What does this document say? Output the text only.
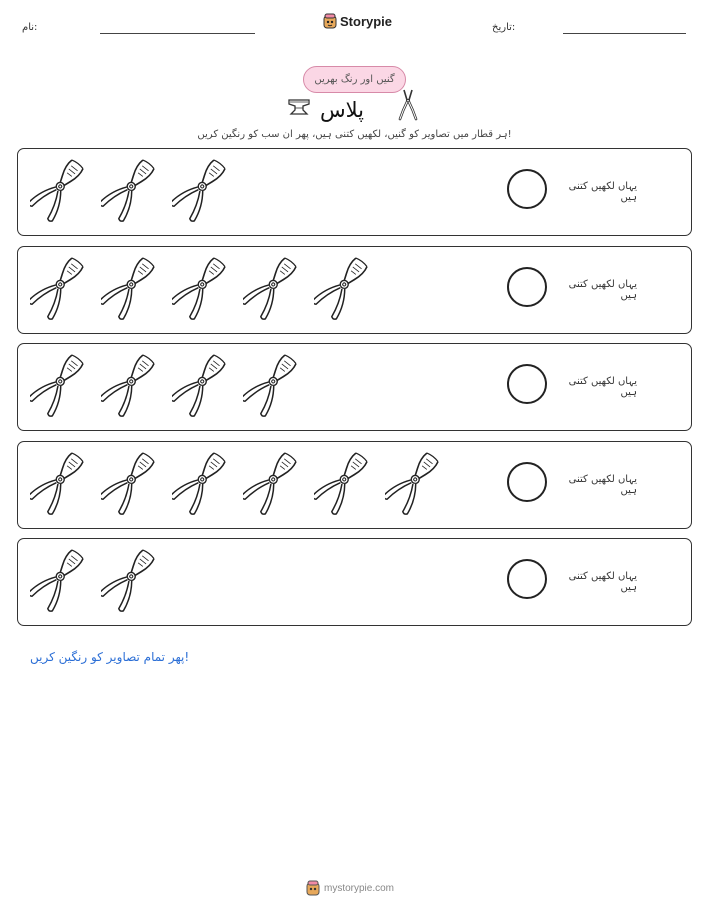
نام:	Storypie	تاریخ:
گنیں اور رنگ بھریں
پلاس
ہر قطار میں تصاویر کو گنیں، لکھیں کتنی ہیں، پھر ان سب کو رنگین کریں!
یہاں لکھیں کتنی ہیں
یہاں لکھیں کتنی ہیں
یہاں لکھیں کتنی ہیں
یہاں لکھیں کتنی ہیں
یہاں لکھیں کتنی ہیں
پھر تمام تصاویر کو رنگین کریں!
mystorypie.com
